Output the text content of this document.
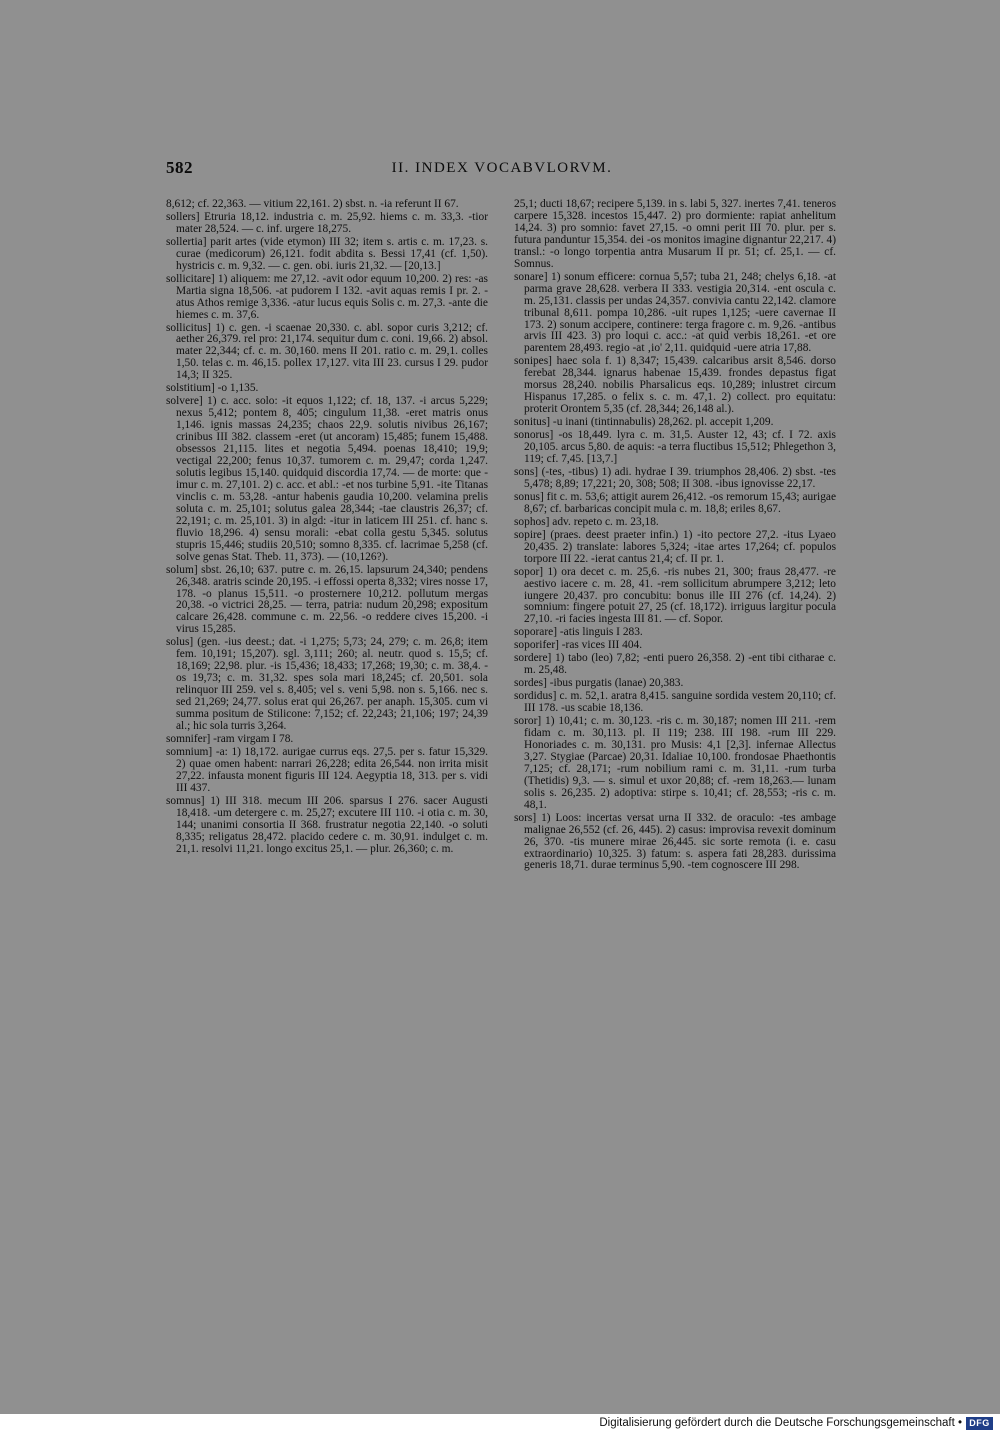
582	II. INDEX VOCABVLORVM.

8,612; cf. 22,363. — vitium 22,161. 2) sbst. n. -ia referunt II 67.

sollers] Etruria 18,12. industria c. m. 25,92. hiems c. m. 33,3. -tior mater 28,524. — c. inf. urgere 18,275.

sollertia] parit artes (vide etymon) III 32; item s. artis c. m. 17,23. s. curae (medicorum) 26,121. fodit abdita s. Bessi 17,41 (cf. 1,50). hystricis c. m. 9,32. — c. gen. obi. iuris 21,32. — [20,13.]

sollicitare] 1) aliquem: me 27,12. -avit odor equum 10,200. 2) res: -as Martia signa 18,506. -at pudorem I 132. -avit aquas remis I pr. 2. -atus Athos remige 3,336. -atur lucus equis Solis c. m. 27,3. -ante die hiemes c. m. 37,6.

sollicitus] 1) c. gen. -i scaenae 20,330. c. abl. sopor curis 3,212; cf. aether 26,379. rel pro: 21,174. sequitur dum c. coni. 19,66. 2) absol. mater 22,344; cf. c. m. 30,160. mens II 201. ratio c. m. 29,1. colles 1,50. telas c. m. 46,15. pollex 17,127. vita III 23. cursus I 29. pudor 14,3; II 325.

solstitium] -o 1,135.

solvere] 1) c. acc. solo: -it equos 1,122; cf. 18, 137. -i arcus 5,229; nexus 5,412; pontem 8, 405; cingulum 11,38. -eret matris onus 1,146. ignis massas 24,235; chaos 22,9. solutis nivibus 26,167; crinibus III 382. classem -eret (ut ancoram) 15,485; funem 15,488. obsessos 21,115. lites et negotia 5,494. poenas 18,410; 19,9; vectigal 22,200; fenus 10,37. tumorem c. m. 29,47; corda 1,247. solutis legibus 15,140. quidquid discordia 17,74. — de morte: que -imur c. m. 27,101. 2) c. acc. et abl.: -et nos turbine 5,91. -ite Titanas vinclis c. m. 53,28. -antur habenis gaudia 10,200. velamina prelis soluta c. m. 25,101; solutus galea 28,344; -tae claustris 26,37; cf. 22,191; c. m. 25,101. 3) in algd: -itur in laticem III 251. cf. hanc s. fluvio 18,296. 4) sensu morali: -ebat colla gestu 5,345. solutus stupris 15,446; studiis 20,510; somno 8,335. cf. lacrimae 5,258 (cf. solve genas Stat. Theb. 11, 373). — (10,126?).

solum] sbst. 26,10; 637. putre c. m. 26,15. lapsurum 24,340; pendens 26,348. aratris scinde 20,195. -i effossi operta 8,332; vires nosse 17, 178. -o planus 15,511. -o prosternere 10,212. pollutum mergas 20,38. -o victrici 28,25. — terra, patria: nudum 20,298; expositum calcare 26,428. commune c. m. 22,56. -o reddere cives 15,200. -i virus 15,285.

solus] (gen. -ius deest.; dat. -i 1,275; 5,73; 24, 279; c. m. 26,8; item fem. 10,191; 15,207). sgl. 3,111; 260; al. neutr. quod s. 15,5; cf. 18,169; 22,98. plur. -is 15,436; 18,433; 17,268; 19,30; c. m. 38,4. -os 19,73; c. m. 31,32. spes sola mari 18,245; cf. 20,501. sola relinquor III 259. vel s. 8,405; vel s. veni 5,98. non s. 5,166. nec s. sed 21,269; 24,77. solus erat qui 26,267. per anaph. 15,305. cum vi summa positum de Stilicone: 7,152; cf. 22,243; 21,106; 197; 24,39 al.; hic sola turris 3,264.

somnifer] -ram virgam I 78.

somnium] -a: 1) 18,172. aurigae currus eqs. 27,5. per s. fatur 15,329. 2) quae omen habent: narrari 26,228; edita 26,544. non irrita misit 27,22. infausta monent figuris III 124. Aegyptia 18, 313. per s. vidi III 437.

somnus] 1) III 318. mecum III 206. sparsus I 276. sacer Augusti 18,418. -um detergere c. m. 25,27; excutere III 110. -i otia c. m. 30, 144; unanimi consortia II 368. frustratur negotia 22,140. -o soluti 8,335; religatus 28,472. placido cedere c. m. 30,91. indulget c. m. 21,1. resolvi 11,21. longo excitus 25,1. — plur. 26,360; c. m.

25,1; ducti 18,67; recipere 5,139. in s. labi 5, 327. inertes 7,41. teneros carpere 15,328. incestos 15,447. 2) pro dormiente: rapiat anhelitum 14,24. 3) pro somnio: favet 27,15. -o omni perit III 70. plur. per s. futura panduntur 15,354. dei -os monitos imagine dignantur 22,217. 4) transl.: -o longo torpentia antra Musarum II pr. 51; cf. 25,1. — cf. Somnus.

sonare] 1) sonum efficere: cornua 5,57; tuba 21, 248; chelys 6,18. -at parma grave 28,628. verbera II 333. vestigia 20,314. -ent oscula c. m. 25,131. classis per undas 24,357. convivia cantu 22,142. clamore tribunal 8,611. pompa 10,286. -uit rupes 1,125; -uere cavernae II 173. 2) sonum accipere, continere: terga fragore c. m. 9,26. -antibus arvis III 423. 3) pro loqui c. acc.: -at quid verbis 18,261. -et ore parentem 28,493. regio -at ‚io' 2,11. quidquid -uere atria 17,88.

sonipes] haec sola f. 1) 8,347; 15,439. calcaribus arsit 8,546. dorso ferebat 28,344. ignarus habenae 15,439. frondes depastus figat morsus 28,240. nobilis Pharsalicus eqs. 10,289; inlustret circum Hispanus 17,285. o felix s. c. m. 47,1. 2) collect. pro equitatu: proterit Orontem 5,35 (cf. 28,344; 26,148 al.).

sonitus] -u inani (tintinnabulis) 28,262. pl. accepit 1,209.

sonorus] -os 18,449. lyra c. m. 31,5. Auster 12, 43; cf. I 72. axis 20,105. arcus 5,80. de aquis: -a terra fluctibus 15,512; Phlegethon 3, 119; cf. 7,45. [13,7.]

sons] (-tes, -tibus) 1) adi. hydrae I 39. triumphos 28,406. 2) sbst. -tes 5,478; 8,89; 17,221; 20, 308; 508; II 308. -ibus ignovisse 22,17.

sonus] fit c. m. 53,6; attigit aurem 26,412. -os remorum 15,43; aurigae 8,67; cf. barbaricas concipit mula c. m. 18,8; eriles 8,67.

sophos] adv. repeto c. m. 23,18.

sopire] (praes. deest praeter infin.) 1) -ito pectore 27,2. -itus Lyaeo 20,435. 2) translate: labores 5,324; -itae artes 17,264; cf. populos torpore III 22. -ierat cantus 21,4; cf. II pr. 1.

sopor] 1) ora decet c. m. 25,6. -ris nubes 21, 300; fraus 28,477. -re aestivo iacere c. m. 28, 41. -rem sollicitum abrumpere 3,212; leto iungere 20,437. pro concubitu: bonus ille III 276 (cf. 14,24). 2) somnium: fingere potuit 27, 25 (cf. 18,172). irriguus largitur pocula 27,10. -ri facies ingesta III 81. — cf. Sopor.

soporare] -atis linguis I 283.

soporifer] -ras vices III 404.

sordere] 1) tabo (leo) 7,82; -enti puero 26,358. 2) -ent tibi citharae c. m. 25,48.

sordes] -ibus purgatis (lanae) 20,383.

sordidus] c. m. 52,1. aratra 8,415. sanguine sordida vestem 20,110; cf. III 178. -us scabie 18,136.

soror] 1) 10,41; c. m. 30,123. -ris c. m. 30,187; nomen III 211. -rem fidam c. m. 30,113. pl. II 119; 238. III 198. -rum III 229. Honoriades c. m. 30,131. pro Musis: 4,1 [2,3]. infernae Allectus 3,27. Stygiae (Parcae) 20,31. Idaliae 10,100. frondosae Phaethontis 7,125; cf. 28,171; -rum nobilium rami c. m. 31,11. -rum turba (Thetidis) 9,3. — s. simul et uxor 20,88; cf. -rem 18,263.— lunam solis s. 26,235. 2) adoptiva: stirpe s. 10,41; cf. 28,553; -ris c. m. 48,1.

sors] 1) Loos: incertas versat urna II 332. de oraculo: -tes ambage malignae 26,552 (cf. 26, 445). 2) casus: improvisa revexit dominum 26, 370. -tis munere mirae 26,445. sic sorte remota (i. e. casu extraordinario) 10,325. 3) fatum: s. aspera fati 28,283. durissima generis 18,71. durae terminus 5,90. -tem cognoscere III 298.

Digitalisierung gefördert durch die Deutsche Forschungsgemeinschaft • DFG
